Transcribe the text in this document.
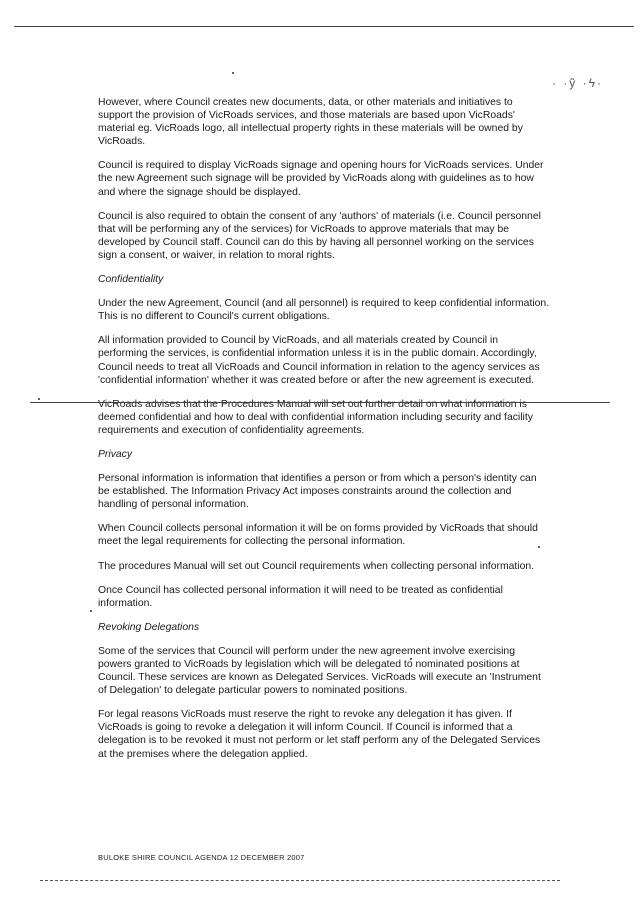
· ·ŷ̑ ·ϟ·

However, where Council creates new documents, data, or other materials and initiatives to support the provision of VicRoads services, and those materials are based upon VicRoads' material eg. VicRoads logo, all intellectual property rights in these materials will be owned by VicRoads.

Council is required to display VicRoads signage and opening hours for VicRoads services. Under the new Agreement such signage will be provided by VicRoads along with guidelines as to how and where the signage should be displayed.

Council is also required to obtain the consent of any 'authors' of materials (i.e. Council personnel that will be performing any of the services) for VicRoads to approve materials that may be developed by Council staff. Council can do this by having all personnel working on the services sign a consent, or waiver, in relation to moral rights.

Confidentiality

Under the new Agreement, Council (and all personnel) is required to keep confidential information. This is no different to Council's current obligations.

All information provided to Council by VicRoads, and all materials created by Council in performing the services, is confidential information unless it is in the public domain. Accordingly, Council needs to treat all VicRoads and Council information in relation to the agency services as 'confidential information' whether it was created before or after the new agreement is executed.

VicRoads advises that the Procedures Manual will set out further detail on what information is deemed confidential and how to deal with confidential information including security and facility requirements and execution of confidentiality agreements.

Privacy

Personal information is information that identifies a person or from which a person's identity can be established. The Information Privacy Act imposes constraints around the collection and handling of personal information.

When Council collects personal information it will be on forms provided by VicRoads that should meet the legal requirements for collecting the personal information.

The procedures Manual will set out Council requirements when collecting personal information.

Once Council has collected personal information it will need to be treated as confidential information.

Revoking Delegations

Some of the services that Council will perform under the new agreement involve exercising powers granted to VicRoads by legislation which will be delegated to nominated positions at Council. These services are known as Delegated Services. VicRoads will execute an 'Instrument of Delegation' to delegate particular powers to nominated positions.

For legal reasons VicRoads must reserve the right to revoke any delegation it has given. If VicRoads is going to revoke a delegation it will inform Council. If Council is informed that a delegation is to be revoked it must not perform or let staff perform any of the Delegated Services at the premises where the delegation applied.

BULOKE SHIRE COUNCIL AGENDA 12 DECEMBER 2007
